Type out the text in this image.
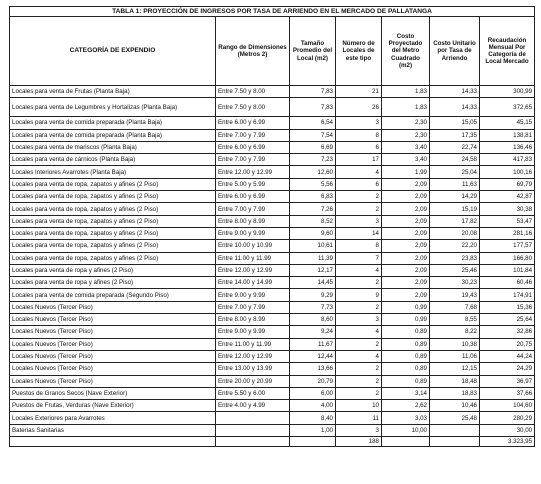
TABLA 1: PROYECCIÓN DE INGRESOS POR TASA DE ARRIENDO EN EL MERCADO DE PALLATANGA						
CATEGORÍA DE EXPENDIO	Rango de Dimensiones (Metros 2)	Tamaño Promedio del Local (m2)	Número de Locales de este tipo	Costo Proyectado del Metro Cuadrado (m2)	Costo Unitario por Tasa de Arriendo	Recaudación Mensual Por Categoría de Local Mercado
Locales para venta de Frutas (Planta Baja)	Entre 7.50 y 8.00	7,83	21	1,83	14,33	300,99
Locales para venta de Legumbres y Hortalizas (Planta Baja)	Entre 7.50 y 8.00	7,83	26	1,83	14,33	372,65
Locales para venta de comida preparada (Planta Baja)	Entre 6.00 y 6.99	6,54	3	2,30	15,05	45,15
Locales para venta de comida preparada (Planta Baja)	Entre 7.00 y 7.99	7,54	8	2,30	17,35	138,81
Locales para venta de mariscos (Planta Baja)	Entre 6.00 y 6.99	6,69	6	3,40	22,74	136,46
Locales para venta de cárnicos (Planta Baja)	Entre 7.00 y 7.99	7,23	17	3,40	24,58	417,83
Locales Interiores Avarrotes (Planta Baja)	Entre 12.00 y 12.99	12,60	4	1,99	25,04	100,16
Locales para venta de ropa, zapatos y afines (2 Piso)	Entre 5.00 y 5.99	5,56	6	2,09	11,63	69,79
Locales para venta de ropa, zapatos y afines (2 Piso)	Entre 6.00 y 6.99	6,83	2	2,09	14,29	42,87
Locales para venta de ropa, zapatos y afines (2 Piso)	Entre 7.00 y 7.99	7,26	2	2,09	15,19	30,38
Locales para venta de ropa, zapatos y afines (2 Piso)	Entre 8.00 y 8.99	8,52	3	2,09	17,82	53,47
Locales para venta de ropa, zapatos y afines (2 Piso)	Entre 9.00 y 9.99	9,60	14	2,09	20,08	281,16
Locales para venta de ropa, zapatos y afines (2 Piso)	Entre 10.00 y 10.99	10,61	8	2,09	22,20	177,57
Locales para venta de ropa, zapatos y afines (2 Piso)	Entre 11.00 y 11.99	11,39	7	2,09	23,83	166,80
Locales para venta de ropa y afines (2 Piso)	Entre 12.00 y 12.99	12,17	4	2,09	25,46	101,84
Locales para venta de ropa y afines (2 Piso)	Entre 14.00 y 14.99	14,45	2	2,09	30,23	60,46
Locales para venta de comida preparada (Segundo Piso)	Entre 9.00 y 9.99	9,29	9	2,09	19,43	174,91
Locales Nuevos (Tercer Piso)	Entre 7.00 y 7.99	7,73	2	0,99	7,68	15,36
Locales Nuevos (Tercer Piso)	Entre 8.00 y 8.99	8,60	3	0,99	8,55	25,64
Locales Nuevos (Tercer Piso)	Entre 9.00 y 9.99	9,24	4	0,89	8,22	32,86
Locales Nuevos (Tercer Piso)	Entre 11.00 y 11.99	11,67	2	0,89	10,38	20,75
Locales Nuevos (Tercer Piso)	Entre 12.00 y 12.99	12,44	4	0,89	11,06	44,24
Locales Nuevos (Tercer Piso)	Entre 13.00 y 13.99	13,66	2	0,89	12,15	24,29
Locales Nuevos (Tercer Piso)	Entre 20.00 y 20.99	20,79	2	0,89	18,48	36,97
Puestos de Granos Secos (Nave Exterior)	Entre 5.50 y 6.00	6,00	2	3,14	18,83	37,66
Puestos de Frutas, Verduras (Nave Exterior)	Entre 4.00 y 4.99	4,00	10	2,62	10,46	104,60
Locales Exteriores para Avarrotes		8,40	11	3,03	25,48	280,29
Baterias Sanitarias		1,00	3	10,00		30,00
			188			3.323,95
